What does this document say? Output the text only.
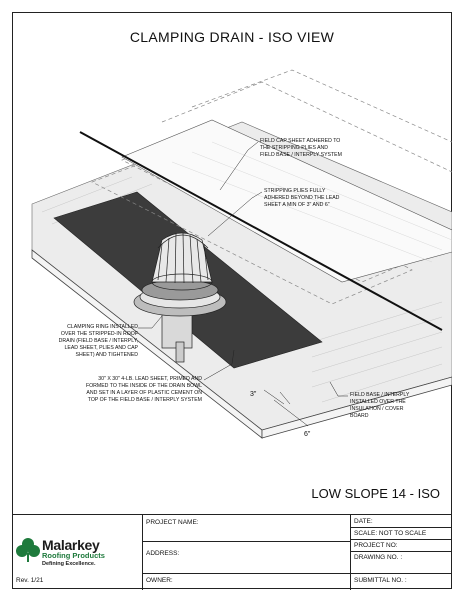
CLAMPING DRAIN - ISO VIEW
FIELD CAP SHEET ADHERED TO
THE STRIPPING PLIES AND
FIELD BASE / INTERPLY SYSTEM
STRIPPING PLIES FULLY
ADHERED BEYOND THE LEAD
SHEET A MIN OF 3" AND 6"
CLAMPING RING INSTALLED
OVER THE STRIPPED-IN ROOF
DRAIN (FIELD BASE / INTERPLY,
LEAD SHEET, PLIES AND CAP
SHEET) AND TIGHTENED
30" X 30" 4-LB. LEAD SHEET, PRIMED AND
FORMED TO THE INSIDE OF THE DRAIN BOWL
AND SET IN A LAYER OF PLASTIC CEMENT ON
TOP OF THE FIELD BASE / INTERPLY SYSTEM
FIELD BASE / INTERPLY
INSTALLED OVER THE
INSULATION / COVER
BOARD
3"
6"
LOW SLOPE 14 - ISO
PROJECT NAME:
ADDRESS:
OWNER:
DATE:
SCALE: NOT TO SCALE
PROJECT NO:
DRAWING NO. :
SUBMITTAL NO. :
Malarkey
Roofing Products
Defining Excellence.
Rev. 1/21
